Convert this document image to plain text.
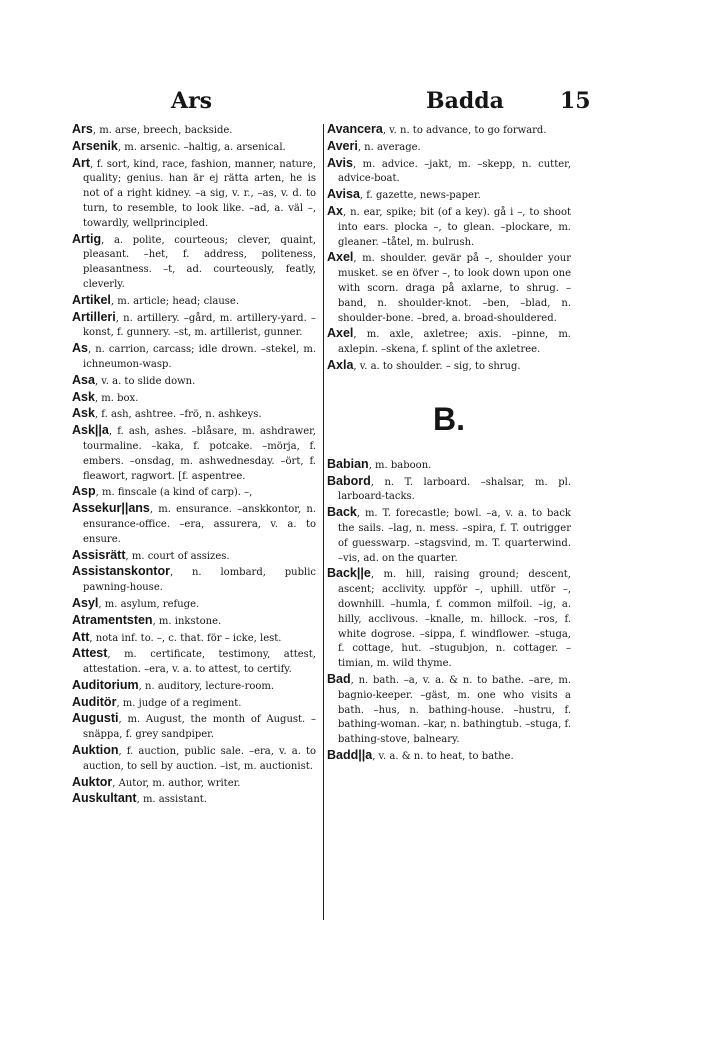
Ars	Badda	15
Ars, m. arse, breech, backside.
Arsenik, m. arsenic. –haltig, a. arsenical.
Art, f. sort, kind, race, fashion, manner, nature, quality; genius. han är ej rätta arten, he is not of a right kidney. –a sig, v. r., –as, v. d. to turn, to resemble, to look like. –ad, a. väl –, towardly, wellprincipled.
Artig, a. polite, courteous; clever, quaint, pleasant. –het, f. address, politeness, pleasantness. –t, ad. courteously, featly, cleverly.
Artikel, m. article; head; clause.
Artilleri, n. artillery. –gård, m. artillery-yard. –konst, f. gunnery. –st, m. artillerist, gunner.
As, n. carrion, carcass; idle drown. –stekel, m. ichneumon-wasp.
Asa, v. a. to slide down.
Ask, m. box.
Ask, f. ash, ashtree. –frö, n. ashkeys.
Ask||a, f. ash, ashes. –blåsare, m. ashdrawer, tourmaline. –kaka, f. potcake. –mörja, f. embers. –onsdag, m. ashwednesday. –ört, f. fleawort, ragwort. [f. aspentree.
Asp, m. finscale (a kind of carp). –,
Assekur||ans, m. ensurance. –anskkontor, n. ensurance-office. –era, assurera, v. a. to ensure.
Assisrätt, m. court of assizes.
Assistanskontor, n. lombard, public pawning-house.
Asyl, m. asylum, refuge.
Atramentsten, m. inkstone.
Att, nota inf. to. –, c. that. för – icke, lest.
Attest, m. certificate, testimony, attest, attestation. –era, v. a. to attest, to certify.
Auditorium, n. auditory, lecture-room.
Auditör, m. judge of a regiment.
Augusti, m. August, the month of August. –snäppa, f. grey sandpiper.
Auktion, f. auction, public sale. –era, v. a. to auction, to sell by auction. –ist, m. auctionist.
Auktor, Autor, m. author, writer.
Auskultant, m. assistant.
Avancera, v. n. to advance, to go forward.
Averi, n. average.
Avis, m. advice. –jakt, m. –skepp, n. cutter, advice-boat.
Avisa, f. gazette, news-paper.
Ax, n. ear, spike; bit (of a key). gå i –, to shoot into ears. plocka –, to glean. –plockare, m. gleaner. –tåtel, m. bulrush.
Axel, m. shoulder. gevär på –, shoulder your musket. se en öfver –, to look down upon one with scorn. draga på axlarne, to shrug. –band, n. shoulder-knot. –ben, –blad, n. shoulder-bone. –bred, a. broad-shouldered.
Axel, m. axle, axletree; axis. –pinne, m. axlepin. –skena, f. splint of the axletree.
Axla, v. a. to shoulder. – sig, to shrug.
B.
Babian, m. baboon.
Babord, n. T. larboard. –shalsar, m. pl. larboard-tacks.
Back, m. T. forecastle; bowl. –a, v. a. to back the sails. –lag, n. mess. –spira, f. T. outrigger of guesswarp. –stagsvind, m. T. quarterwind. –vis, ad. on the quarter.
Back||e, m. hill, raising ground; descent, ascent; acclivity. uppför –, uphill. utför –, downhill. –humla, f. common milfoil. –ig, a. hilly, acclivous. –knalle, m. hillock. –ros, f. white dogrose. –sippa, f. windflower. –stuga, f. cottage, hut. –stugubjon, n. cottager. –timian, m. wild thyme.
Bad, n. bath. –a, v. a. & n. to bathe. –are, m. bagnio-keeper. –gäst, m. one who visits a bath. –hus, n. bathing-house. –hustru, f. bathing-woman. –kar, n. bathingtub. –stuga, f. bathing-stove, balneary.
Badd||a, v. a. & n. to heat, to bathe.
